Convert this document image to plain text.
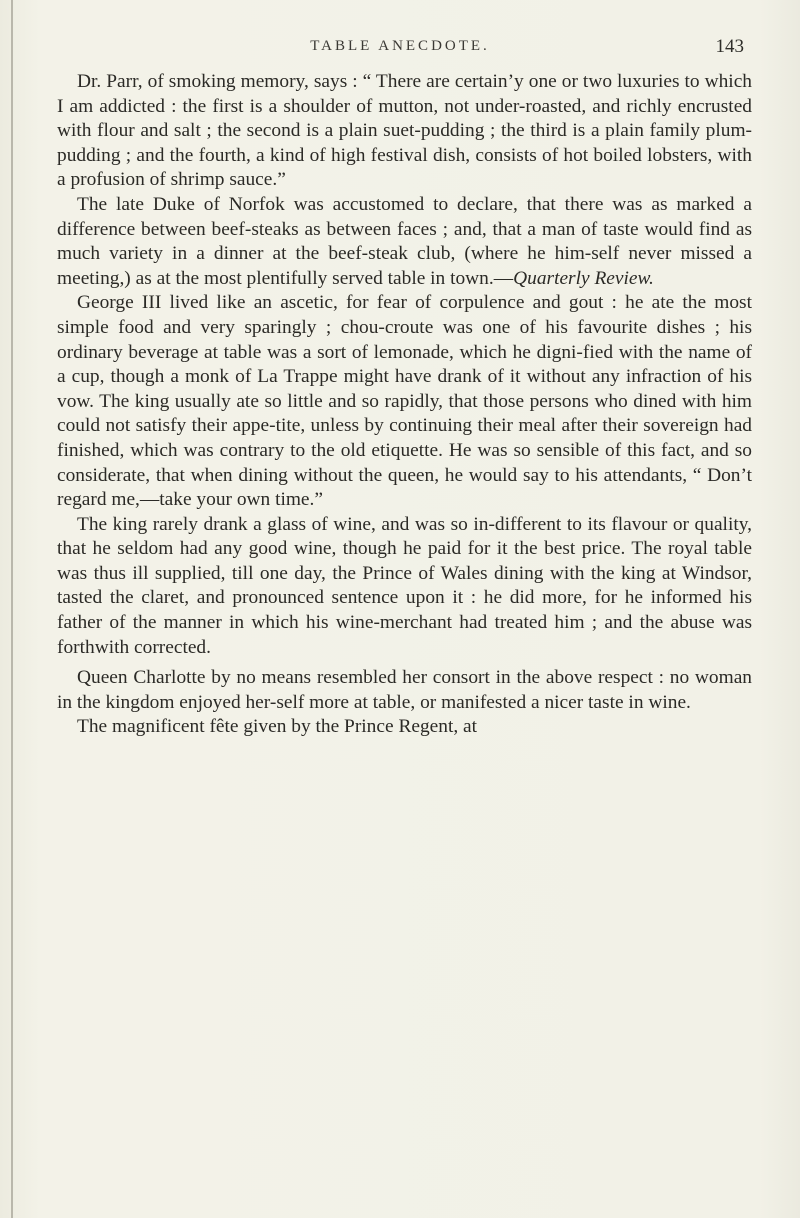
TABLE ANECDOTE.	143

Dr. Parr, of smoking memory, says : “ There are certain’y one or two luxuries to which I am addicted : the first is a shoulder of mutton, not under-roasted, and richly encrusted with flour and salt ; the second is a plain suet-pudding ; the third is a plain family plum-pudding ; and the fourth, a kind of high festival dish, consists of hot boiled lobsters, with a profusion of shrimp sauce.”

The late Duke of Norfok was accustomed to declare, that there was as marked a difference between beef-steaks as between faces ; and, that a man of taste would find as much variety in a dinner at the beef-steak club, (where he him-self never missed a meeting,) as at the most plentifully served table in town.—Quarterly Review.

George III lived like an ascetic, for fear of corpulence and gout : he ate the most simple food and very sparingly ; chou-croute was one of his favourite dishes ; his ordinary beverage at table was a sort of lemonade, which he digni-fied with the name of a cup, though a monk of La Trappe might have drank of it without any infraction of his vow. The king usually ate so little and so rapidly, that those persons who dined with him could not satisfy their appe-tite, unless by continuing their meal after their sovereign had finished, which was contrary to the old etiquette. He was so sensible of this fact, and so considerate, that when dining without the queen, he would say to his attendants, “ Don’t regard me,—take your own time.”

The king rarely drank a glass of wine, and was so in-different to its flavour or quality, that he seldom had any good wine, though he paid for it the best price. The royal table was thus ill supplied, till one day, the Prince of Wales dining with the king at Windsor, tasted the claret, and pronounced sentence upon it : he did more, for he informed his father of the manner in which his wine-merchant had treated him ; and the abuse was forthwith corrected.

Queen Charlotte by no means resembled her consort in the above respect : no woman in the kingdom enjoyed her-self more at table, or manifested a nicer taste in wine.

The magnificent fête given by the Prince Regent, at
